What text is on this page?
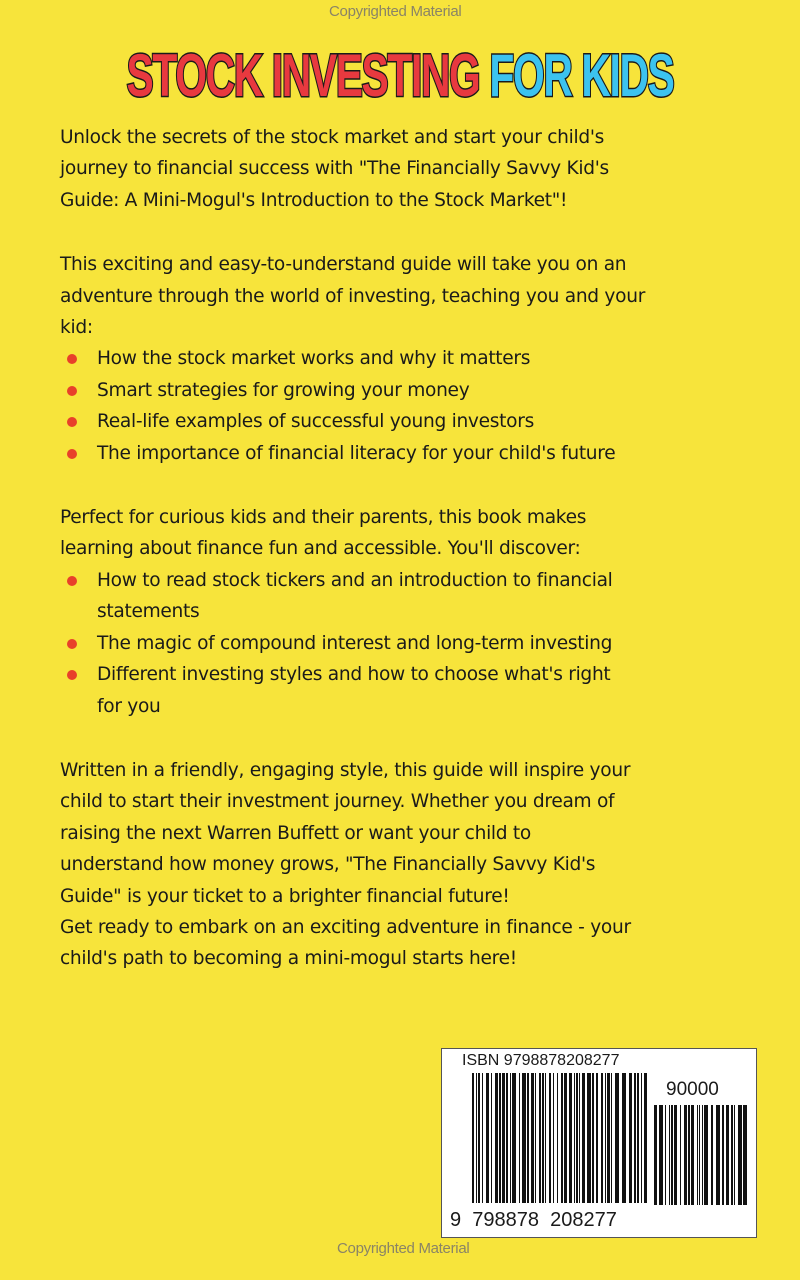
Copyrighted Material
STOCK INVESTING FOR KIDS

Unlock the secrets of the stock market and start your child's
journey to financial success with "The Financially Savvy Kid's
Guide: A Mini-Mogul's Introduction to the Stock Market"!

This exciting and easy-to-understand guide will take you on an
adventure through the world of investing, teaching you and your
kid:

How the stock market works and why it matters
Smart strategies for growing your money
Real-life examples of successful young investors
The importance of financial literacy for your child's future

Perfect for curious kids and their parents, this book makes
learning about finance fun and accessible. You'll discover:

How to read stock tickers and an introduction to financial
statements
The magic of compound interest and long-term investing
Different investing styles and how to choose what's right
for you

Written in a friendly, engaging style, this guide will inspire your
child to start their investment journey. Whether you dream of
raising the next Warren Buffett or want your child to
understand how money grows, "The Financially Savvy Kid's
Guide" is your ticket to a brighter financial future!
Get ready to embark on an exciting adventure in finance - your
child's path to becoming a mini-mogul starts here!

ISBN 9798878208277
90000
9  798878  208277
Copyrighted Material
